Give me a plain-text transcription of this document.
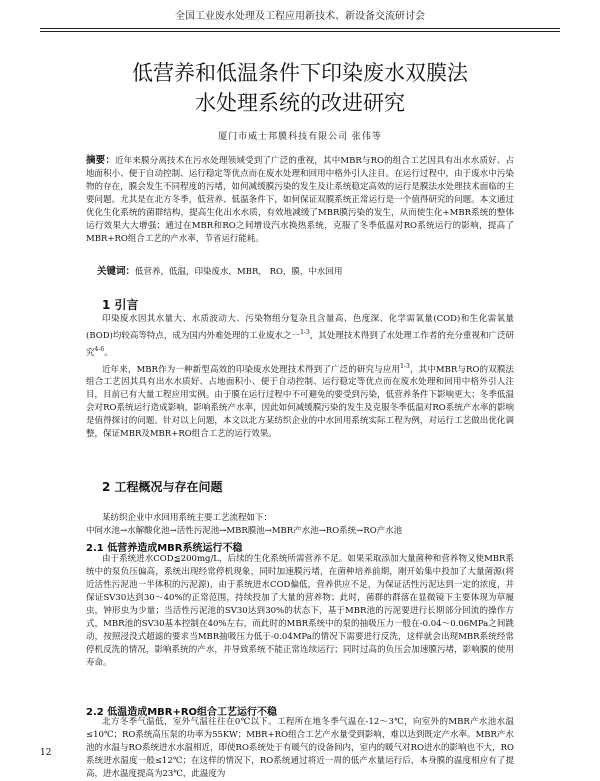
全国工业废水处理及工程应用新技术、新设备交流研讨会
低营养和低温条件下印染废水双膜法
水处理系统的改进研究
厦门市威士邦膜科技有限公司 张伟等
摘要：近年来膜分离技术在污水处理领域受到了广泛的重视，其中MBR与RO的组合工艺因具有出水水质好、占地面积小、便于自动控制、运行稳定等优点而在废水处理和回用中格外引人注目。在运行过程中，由于废水中污染物的存在，膜会发生不同程度的污堵，如何减缓膜污染的发生及让系统稳定高效的运行是膜法水处理技术面临的主要问题。尤其是在北方冬季，低营养、低温条件下，如何保证双膜系统正常运行是一个值得研究的问题。本文通过优化生化系统的菌群结构，提高生化出水水质，有效地减缓了MBR膜污染的发生，从而使生化+MBR系统的整体运行效果大大增强；通过在MBR和RO之间增设汽水换热系统，克服了冬季低温对RO系统运行的影响，提高了MBR+RO组合工艺的产水率，节省运行能耗。
关键词：低营养，低温，印染废水，MBR， RO，膜，中水回用
1 引言

印染废水因其水量大、水质波动大、污染物组分复杂且含量高、色度深、化学需氧量(COD)和生化需氧量(BOD)均较高等特点，成为国内外难处理的工业废水之一$^{1-3}$，其处理技术得到了水处理工作者的充分重视和广泛研究$^{4-6}$。

近年来，MBR作为一种新型高效的印染废水处理技术得到了广泛的研究与应用$^{1-3}$，其中MBR与RO的双膜法组合工艺因其具有出水水质好、占地面积小、便于自动控制、运行稳定等优点而在废水处理和回用中格外引人注目，目前已有大量工程应用实例。由于膜在运行过程中不可避免的要受到污染，低营养条件下影响更大；冬季低温会对RO系统运行造成影响，影响系统产水率，因此如何减缓膜污染的发生及克服冬季低温对RO系统产水率的影响是值得探讨的问题。针对以上问题，本文以北方某纺织企业的中水回用系统实际工程为例，对运行工艺做出优化调整，保证MBR及MBR+RO组合工艺的运行效果。

2 工程概况与存在问题
某纺织企业中水回用系统主要工艺流程如下：
中间水池→水解酸化池→活性污泥池→MBR膜池→MBR产水池→RO系统→RO产水池
2.1 低营养造成MBR系统运行不稳

由于系统进水COD≦200mg/L，后续的生化系统所需营养不足。如果采取添加大量菌种和营养物又使MBR系统中的泵负压偏高，系统出现经常停机现象，同时加速膜污堵，在菌种培养前期，刚开始集中投加了大量菌源(将近活性污泥池一半体积的污泥源)，由于系统进水COD偏低，营养供应不足，为保证活性污泥达到一定的浓度，并保证SV30达到30～40%的正常范围，持续投加了大量的营养物；此时，菌群的群落在显微镜下主要体现为草履虫，钟形虫为少量；当活性污泥池的SV30达到30%的状态下，基于MBR池的污泥要进行长期部分回流的操作方式，MBR池的SV30基本控制在40%左右，而此时的MBR系统中的泵的抽吸压力一般在-0.04～0.06MPa之间跳动，按照浸没式超滤的要求当MBR抽吸压力低于-0.04MPa的情况下需要进行反洗，这样就会出现MBR系统经常停机反洗的情况，影响系统的产水，并导致系统不能正常连续运行；同时过高的负压会加速膜污堵，影响膜的使用寿命。

2.2 低温造成MBR+RO组合工艺运行不稳

北方冬季气温低，室外气温往往在0℃以下。工程所在地冬季气温在-12～3℃，向室外的MBR产水池水温≤10℃；RO系统高压泵的功率为55KW；MBR+RO组合工艺产水量受到影响，难以达到既定产水率。MBR产水池的水温与RO系统进水水温相近，即使RO系统处于有暖气的设备间内，室内的暖气对RO进水的影响也不大，RO系统进水温度一般≤12℃；在这样的情况下，RO系统通过将近一周的低产水量运行后，本身膜的温度相应有了提高，进水温度提高为23℃，此温度为

12
